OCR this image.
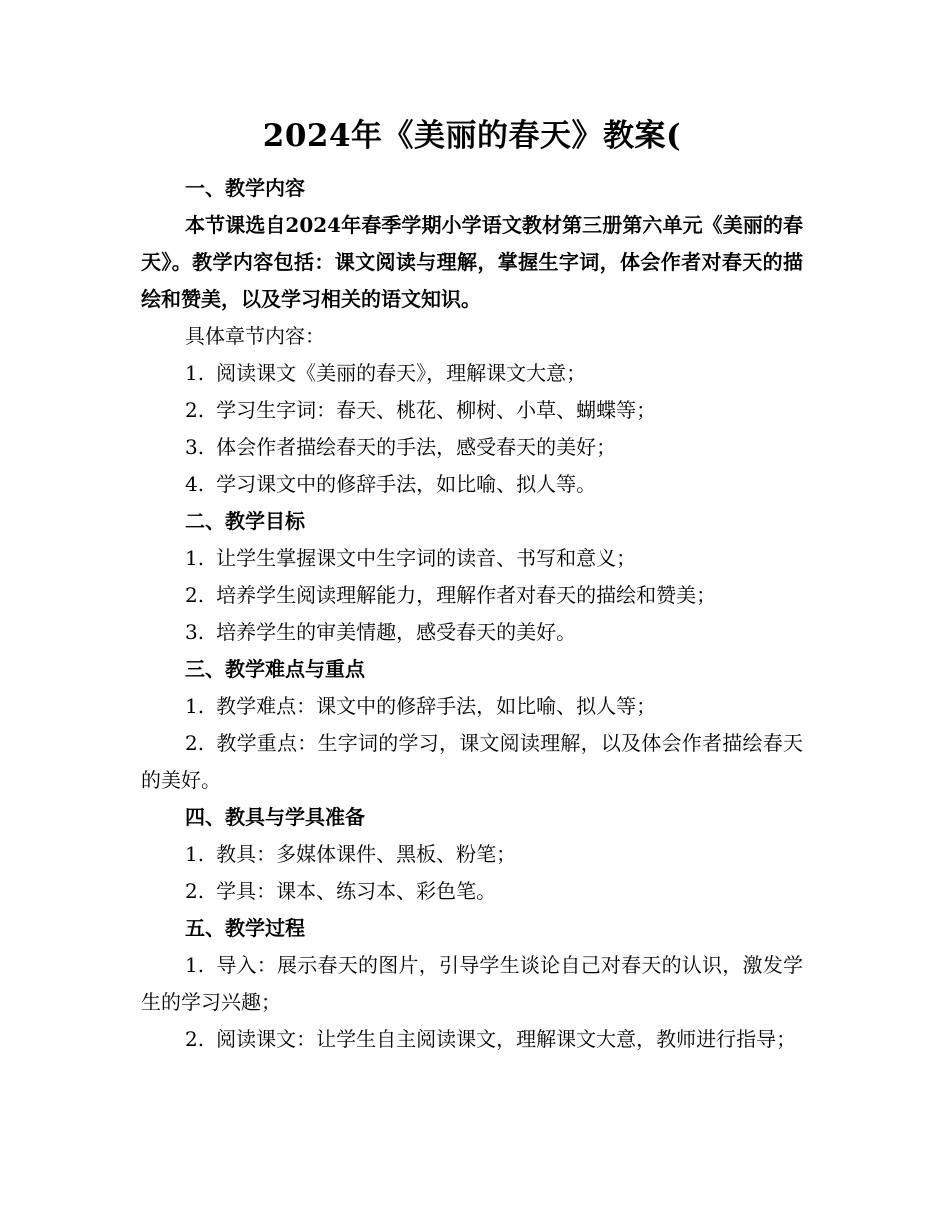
2024年《美丽的春天》教案(

一、教学内容

本节课选自2024年春季学期小学语文教材第三册第六单元《美丽的春天》。教学内容包括：课文阅读与理解，掌握生字词，体会作者对春天的描绘和赞美，以及学习相关的语文知识。

具体章节内容：

1. 阅读课文《美丽的春天》，理解课文大意；

2. 学习生字词：春天、桃花、柳树、小草、蝴蝶等；

3. 体会作者描绘春天的手法，感受春天的美好；

4. 学习课文中的修辞手法，如比喻、拟人等。

二、教学目标

1. 让学生掌握课文中生字词的读音、书写和意义；

2. 培养学生阅读理解能力，理解作者对春天的描绘和赞美；

3. 培养学生的审美情趣，感受春天的美好。

三、教学难点与重点

1. 教学难点：课文中的修辞手法，如比喻、拟人等；

2. 教学重点：生字词的学习，课文阅读理解，以及体会作者描绘春天的美好。

四、教具与学具准备

1. 教具：多媒体课件、黑板、粉笔；

2. 学具：课本、练习本、彩色笔。

五、教学过程

1. 导入：展示春天的图片，引导学生谈论自己对春天的认识，激发学生的学习兴趣；

2. 阅读课文：让学生自主阅读课文，理解课文大意，教师进行指导；
